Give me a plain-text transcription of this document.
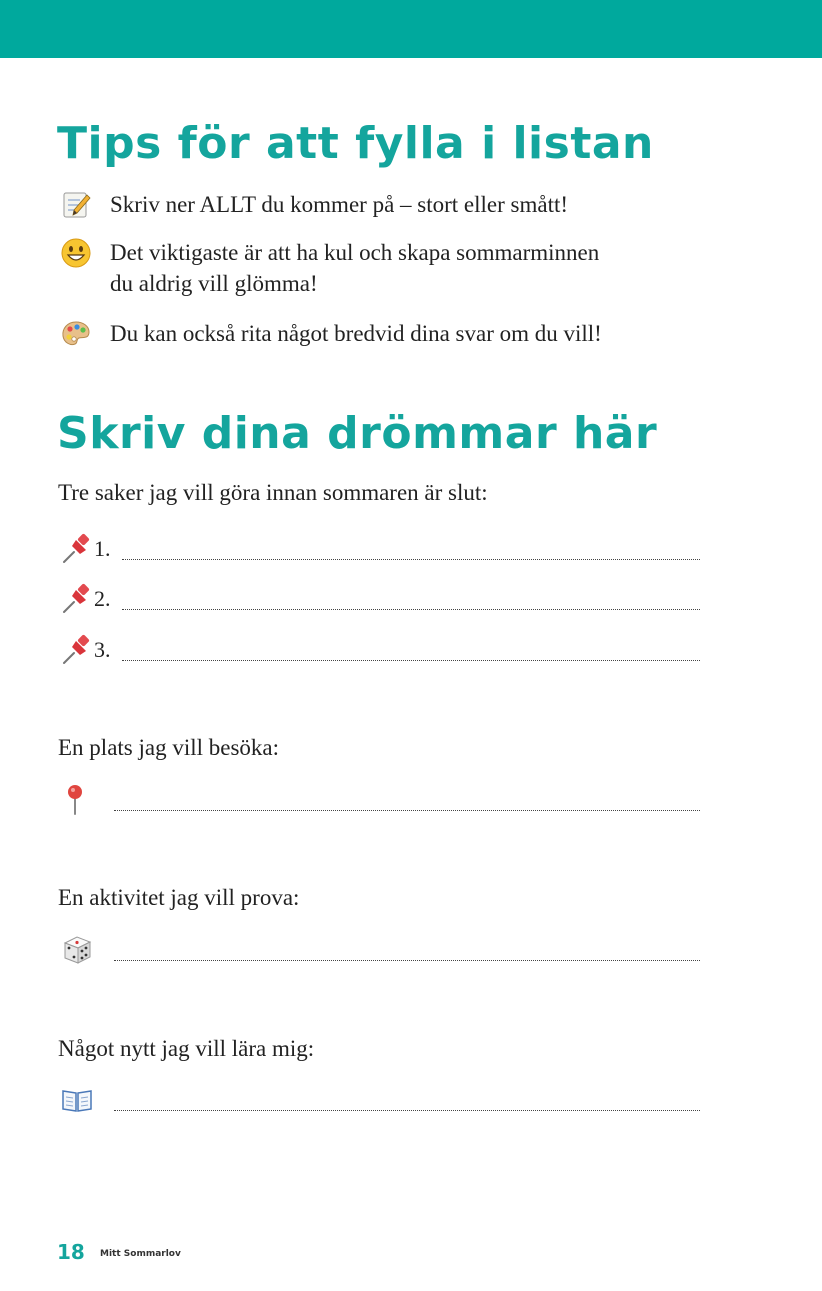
Tips för att fylla i listan
Skriv ner ALLT du kommer på – stort eller smått!
Det viktigaste är att ha kul och skapa sommarminnen
du aldrig vill glömma!
Du kan också rita något bredvid dina svar om du vill!
Skriv dina drömmar här

Tre saker jag vill göra innan sommaren är slut:

1.
2.
3.

En plats jag vill besöka:

En aktivitet jag vill prova:

Något nytt jag vill lära mig:

18 Mitt Sommarlov
